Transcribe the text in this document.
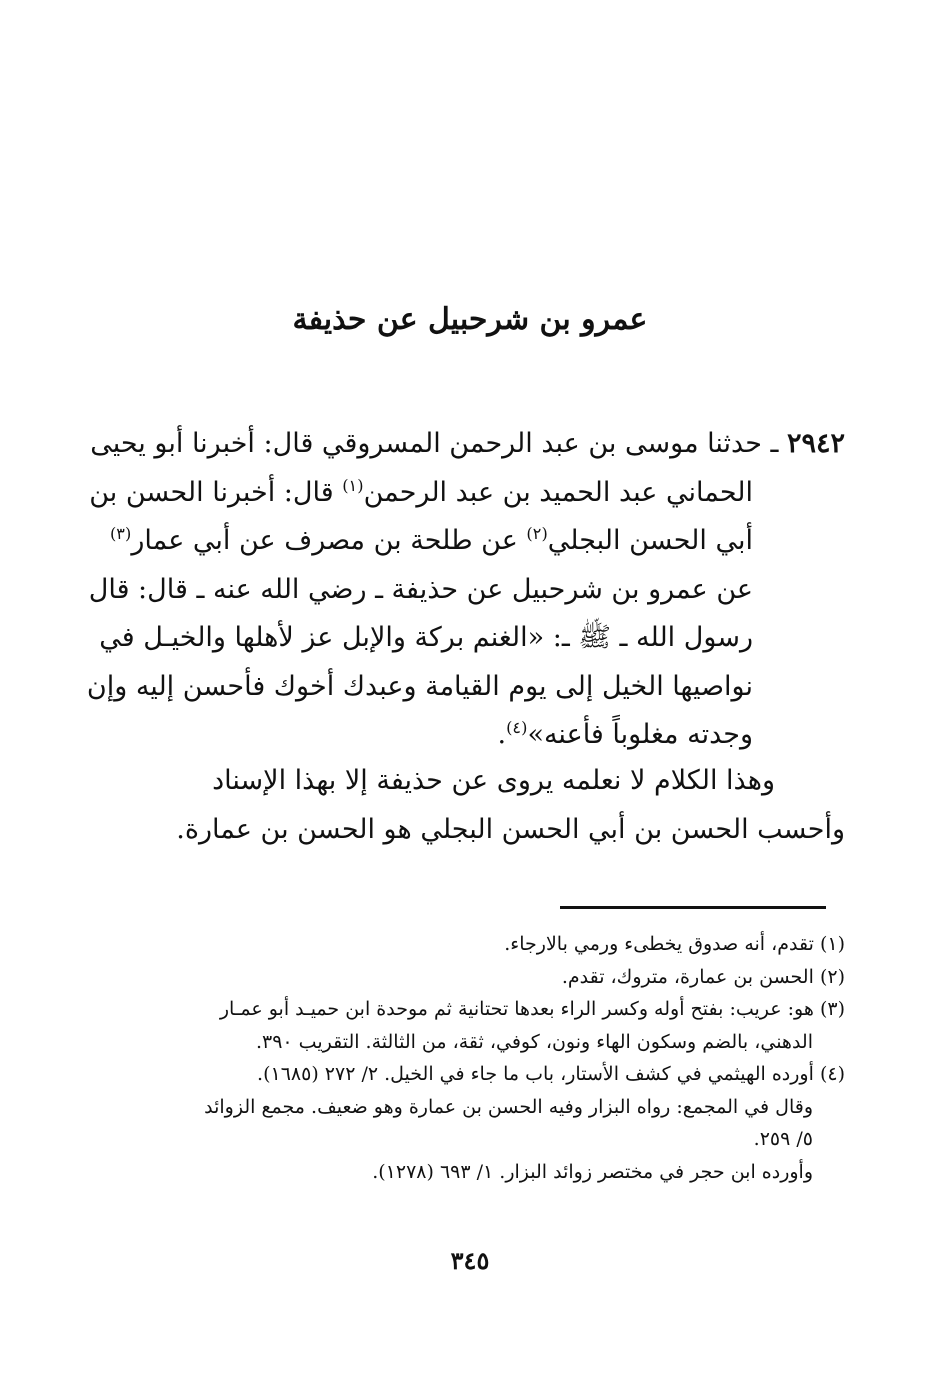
عمرو بن شرحبيل عن حذيفة
٢٩٤٢ ـ حدثنا موسى بن عبد الرحمن المسروقي قال: أخبرنا أبو يحيى
الحماني عبد الحميد بن عبد الرحمن$^{(١)}$ قال: أخبرنا الحسن بن
أبي الحسن البجلي$^{(٢)}$ عن طلحة بن مصرف عن أبي عمار$^{(٣)}$
عن عمرو بن شرحبيل عن حذيفة ـ رضي الله عنه ـ قال: قال
رسول الله ـ ﷺ ـ: «الغنم بركة والإبل عز لأهلها والخيـل في
نواصيها الخيل إلى يوم القيامة وعبدك أخوك فأحسن إليه وإن
وجدته مغلوباً فأعنه»$^{(٤)}$.
وهذا الكلام لا نعلمه يروى عن حذيفة إلا بهذا الإسناد
وأحسب الحسن بن أبي الحسن البجلي هو الحسن بن عمارة.
(١) تقدم، أنه صدوق يخطىء ورمي بالارجاء.
(٢) الحسن بن عمارة، متروك، تقدم.
(٣) هو: عريب: بفتح أوله وكسر الراء بعدها تحتانية ثم موحدة ابن حميـد أبو عمـار
الدهني، بالضم وسكون الهاء ونون، كوفي، ثقة، من الثالثة. التقريب ٣٩٠.
(٤) أورده الهيثمي في كشف الأستار، باب ما جاء في الخيل. ٢/ ٢٧٢ (١٦٨٥).
وقال في المجمع: رواه البزار وفيه الحسن بن عمارة وهو ضعيف. مجمع الزوائد
٥/ ٢٥٩.
وأورده ابن حجر في مختصر زوائد البزار. ١/ ٦٩٣ (١٢٧٨).
٣٤٥
